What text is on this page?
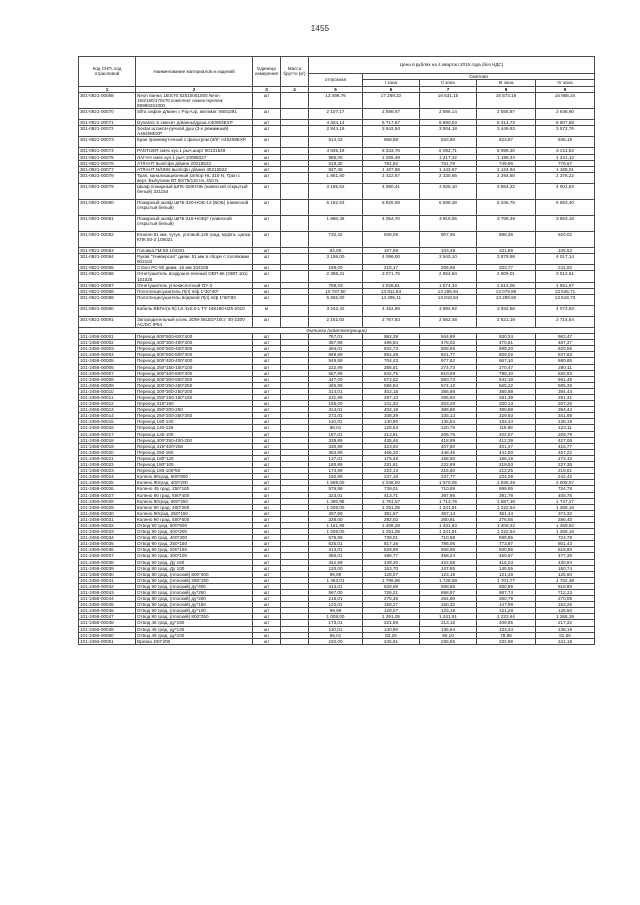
1455
Код СНП, код отраслевой	Наименование материалов и изделий	Единица измерения	Масса брутто (кг)	Цена в рублях на 4 квартал 2015 года (без НДС)				
				отпускная	Сметная			
					I зона	II зона	III зона	IV зона
1	2	3	4	5	6	7	8	9
301-0921-00068	Neon ванна 150х70 52510001000 Neon 150/160/170х70 комплект ножек+крепеж 89990251000	шт		13 498,76	17 289,22	16 631,15	16 573,19	16 956,34
301-0921-00070	Sifra сифон д/ванн с Pop-Up, автомат. 5601091	шт		2 107,17	2 598,67	2 596,14	2 555,87	2 646,90
301-0921-00071	Dynamic S смесит д/ванны/душа A40953EXP	шт		4 404,14	5 717,67	5 590,04	5 414,73	5 607,58
301-0921-00072	Sextar штанга+ручной душ (3-х режимный) A45408EXP	шт		2 844,19	3 642,84	3 504,18	3 449,63	3 572,76
301-0921-00073	Кран промежуточный с фильтром (3/8" A45209EXP	шт		514,43	658,88	633,80	623,87	646,19
301-0921-00074	PANTUER смес.кух.1 рыч.шарт 80131549	шт		4 945,19	6 333,76	6 092,71	5 998,20	6 211,53
301-0921-00075	ЛАГАН смес.кух.1 рыч 10085027	шт		985,05	1 265,49	1 217,32	1 198,44	1 241,12
301-0921-00076	АТЛАНТ вып/сфн д/ванн 20215523	шт		618,30	791,92	761,78	749,96	776,67
301-0921-00077	АТЛАНТ N/NNN вып/сфн д/ванн 40215522	шт		927,45	1 187,88	1 142,67	1 124,94	1 165,01
301-0921-00078	Трап, канализационный затвор HL 310 N, Трап с верт. Выпуском ВТ 50/75/110 HL 310 N	шт		1 861,60	2 422,87	2 330,65	2 294,50	2 376,22
301-0921-00079	Шкаф пожарный ШПК-320НОБ (навесной открытый белый) 331154	шт		3 185,63	4 080,41	3 925,10	3 864,22	4 001,84
301-0921-00080	Пожарный шкаф ШПК-320-НОБ-12 (БОБ) (навесной открытый белый)	шт		5 182,53	6 825,89	6 598,38	6 345,76	6 583,40
301-0921-00081	Пожарный шкаф ШПК-315-НОБ(Г (навесной открытый белый)	шт		1 890,45	4 054,70	3 919,55	3 769,49	3 863,15
301-0921-00082	Клапан 51 мм, чугун, угловой,125 град. муфта, цапка КПК 50-2 105021	шт		732,42	938,08	907,36	888,36	920,02
301-0921-00083	Головка ГМ-50 104201	шт		84,00	107,59	103,49	101,89	105,52
301-0921-00084	Рукав "Универсал" диам. 51 мм в сборе с головками 502102	шт		3 198,00	4 096,00	3 940,10	3 879,98	4 017,14
301-0921-00085	Ствол РС-50 диам. 16 мм 104105	шт		168,00	215,17	206,98	203,77	211,03
301-0921-00086	Огнетушитель воздушно-пенный ОВП-8в (ОВП-10з) 101326	шт		2 398,31	3 071,76	2 954,84	2 909,01	3 012,51
301-0921-00087	Огнетушитель углекислотный ОУ-3	шт		759,33	1 628,81	1 574,33	1 514,06	1 551,67
301-0921-00088	Полотенцесушитель Л(п) п/ф 1*20*40*	шт		10 787,80	13 811,64	13 285,94	13 079,88	13 545,71
301-0921-00089	Полотенцесушитель водяной Л(п) п/ф 1*60*80	шт		6 665,00	14 295,11	13 818,84	13 289,50	13 618,73
301-0921-00090	Кабель ВВГнг(а-ls) LS 4х2,5-1 ТУ 16К180-025-2010	м		3 242,42	4 152,89	3 994,82	3 932,86	4 072,93
301-0921-00091	Загородительный огонь ЗОМ-48LED*10cт, 30-230V AC/DC IP54	шт		2 161,02	2 767,83	2 662,48	2 621,19	2 714,54
Фитинги (комплектующие)								
101-2456-00001	Переход 600*500-600*400	шт		767,01	982,39	944,99	930,34	963,47
101-2456-00002	Переход 400*300-400*200	шт		387,99	496,94	478,02	470,61	487,37
101-2456-00003	Переход 500*500-400*300	шт		494,01	632,73	608,65	599,20	620,55
101-2456-00004	Переход 500*500-500*300	шт		669,99	854,28	821,77	809,02	837,83
101-2456-00005	Переход 500*400-400*400	шт		549,99	704,43	677,62	667,10	690,85
101-2456-00006	Переход 250*150-150*100	шт		222,99	285,61	274,73	270,47	280,11
101-2456-00007	Переход 800*400-600*400	шт		657,99	842,75	810,68	798,10	826,53
101-2456-00008	Переход 500*300-500*250	шт		447,00	572,52	550,73	542,18	561,49
101-2456-00009	Переход 300*250-250*250	шт		465,99	596,84	574,12	565,22	585,35
101-2456-00010	Переход 300*300-250*200	шт		314,01	402,18	386,88	380,88	394,44
101-2456-00011	Переход 250*150-150*150	шт		231,99	297,13	285,82	281,39	291,41
101-2456-00012	Переход 315*180	шт		165,00	211,33	203,29	200,14	207,26
101-2456-00013	Переход 250*200-250	шт		314,01	402,18	386,88	380,88	394,44
101-2456-00014	Переход 250*200-250*250	шт		272,01	348,39	335,13	329,93	341,68
101-2456-00015	Переход 180-140	шт		110,01	140,90	135,54	133,44	138,19
101-2456-00016	Переход 140-125	шт		98,01	125,53	120,75	118,88	123,11
101-2456-00017	Переход 125-100	шт		167,01	213,91	205,76	202,57	209,79
101-2456-00018	Переход 400*250-400-200	шт		339,99	435,46	418,89	412,39	427,08
101-2456-00019	Переход 315*400*250	шт		330,99	423,93	407,80	401,47	415,77
101-2456-00020	Переход 250-180	шт		363,99	466,20	448,45	441,50	457,22
101-2456-00021	Переход 180*125	шт		137,01	175,48	168,80	166,18	172,10
101-2456-00022	Переход 180*105	шт		180,99	231,81	222,99	219,53	227,35
101-2456-00023	Переход 180-100*50	шт		174,99	224,13	215,60	212,25	219,81
101-2456-00024	Колено 90град. 800*800	шт		192,99	247,18	237,77	234,09	242,42
101-2456-00025	Колено 90град. 400*200	шт		1 599,00	2 048,00	1 970,05	1 939,49	2 008,57
101-2456-00026	Колено 45 град. 250*160	шт		576,99	739,01	710,88	699,85	724,78
101-2456-00027	Колено 90 град. 600*400	шт		323,01	413,71	397,96	391,79	405,75
101-2456-00028	Колено 90град. 500*250	шт		1 390,98	1 781,57	1 713,76	1 687,18	1 747,27
101-2456-00029	Колено 90 град. 400*250	шт		1 008,00	1 291,05	1 241,91	1 222,64	1 266,18
101-2456-00030	Колено 90град. 250*150	шт		297,99	381,67	367,14	361,44	374,32
101-2456-00031	Колено 90 град. 500*500	шт		228,00	292,02	280,91	276,55	286,40
101-2456-00032	Отвод 90 град. 500*500	шт		1 161,99	1 488,28	1 431,63	1 409,42	1 459,62
101-2456-00033	Отвод 90 град. 400*200	шт		1 008,00	1 291,05	1 241,91	1 222,64	1 266,18
101-2456-00034	Отвод 90 град. 400*300	шт		576,99	739,01	710,88	699,85	724,78
101-2456-00035	Отвод 90 град. 250*150	шт		625,01	817,16	786,06	773,87	801,43
101-2456-00036	Отвод 90 град. 200*150	шт		413,01	528,98	508,85	500,96	518,80
101-2456-00037	Отвод 90 град. 200*100	шт		386,01	486,77	468,24	460,97	477,39
101-2456-00038	Отвод 90 град. Ду 160	шт		342,99	439,30	422,58	416,03	430,84
101-2456-00039	Отвод 90 град. Ду 100	шт		120,00	153,70	147,85	145,55	150,74
101-2456-00040	Отвод 90 град. (плоский) 800*400	шт		99,99	128,07	123,19	121,28	125,60
101-2456-00041	Отвод 90 град. (плоский) 250*150	шт		1 463,01	1 798,96	1 728,58	1 701,77	1 762,38
101-2456-00042	Отвод 90 град. (плоский) ду*400	шт		413,01	528,98	508,85	500,96	518,80
101-2456-00043	Отвод 90 град. (плоский) ду*250	шт		567,00	726,21	698,57	687,74	712,23
101-2456-00044	Отвод 90 град. (плоский) ду*200	шт		215,01	275,38	264,90	260,79	270,08
101-2456-00045	Отвод 90 град. (плоский) ду*160	шт		122,01	156,27	150,32	147,99	153,26
101-2456-00046	Отвод 90 град. (плоский) ду*100	шт		99,99	128,07	123,19	121,28	125,60
101-2456-00047	Отвод 90 град. (плоский) 800*250	шт		1 008,00	1 291,05	1 241,91	1 222,64	1 266,18
101-2456-00048	Отвод 45 град. ду*160	шт		173,01	221,59	213,16	209,85	217,32
101-2456-00049	Отвод 45 град. ду*125	шт		110,01	140,90	135,54	133,44	138,19
101-2456-00050	Отвод 45 град. ду*100	шт		65,01	83,26	80,10	78,85	81,66
101-2456-00051	Врезка 400*200	шт		192,00	245,91	236,55	232,88	241,18
